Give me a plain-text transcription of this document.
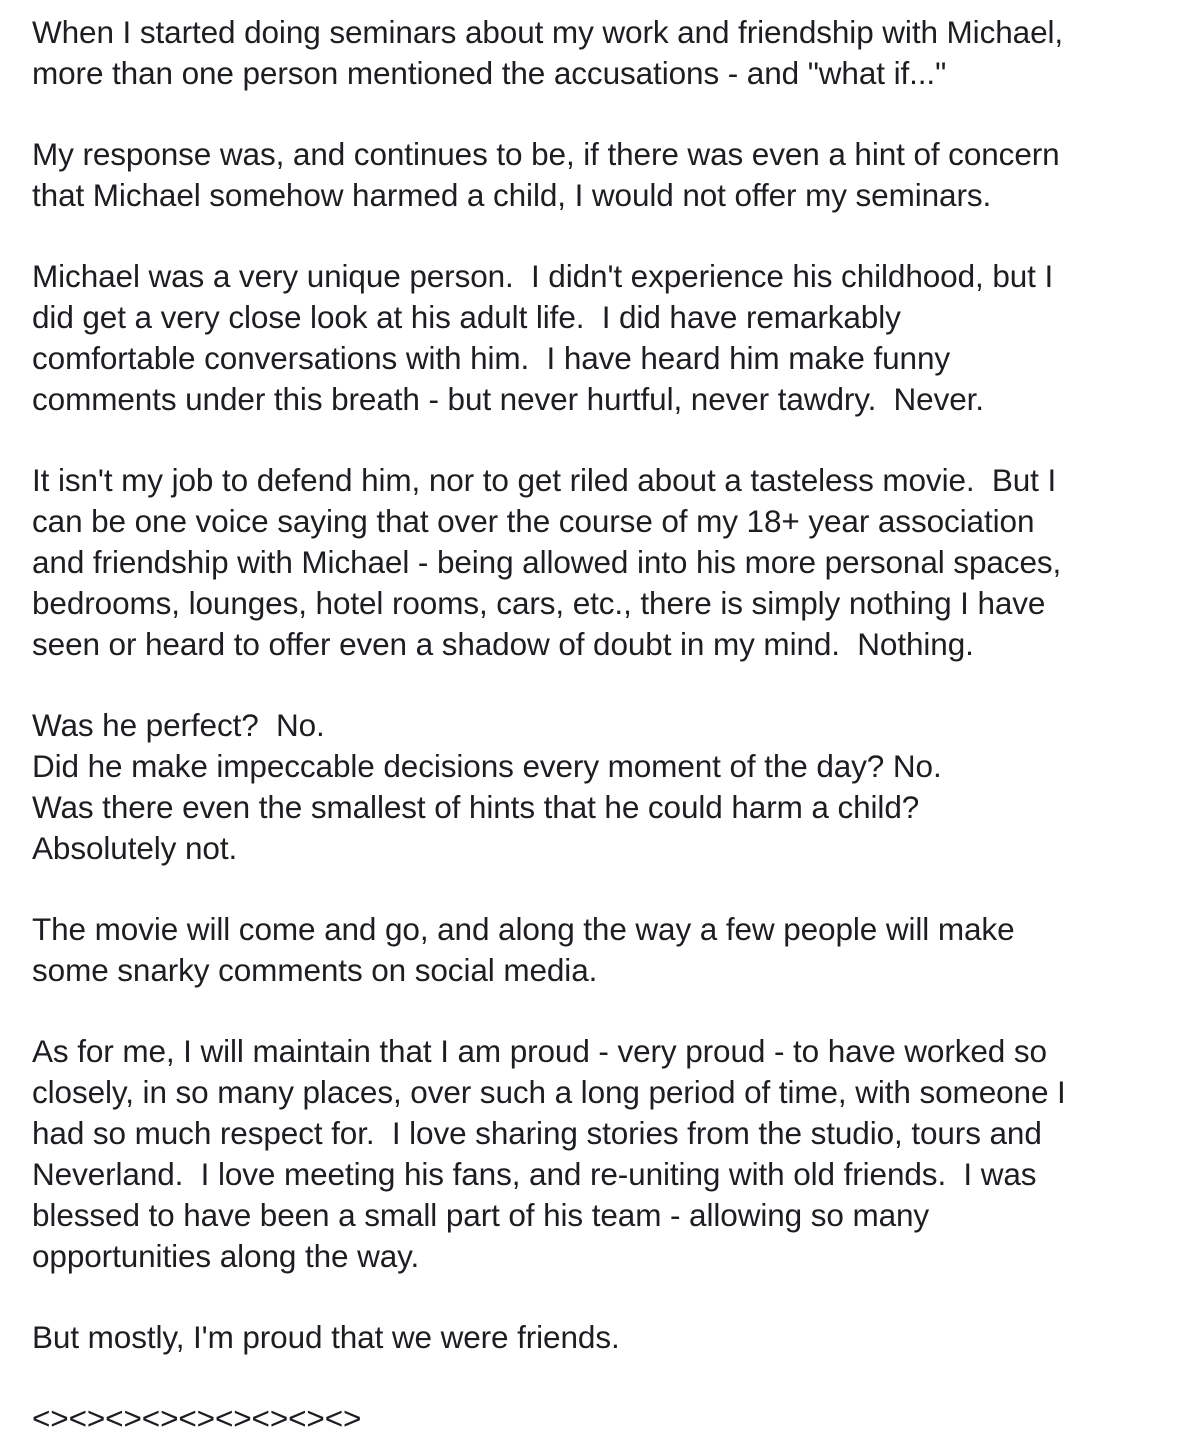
When I started doing seminars about my work and friendship with Michael,
more than one person mentioned the accusations - and "what if..."
My response was, and continues to be, if there was even a hint of concern
that Michael somehow harmed a child, I would not offer my seminars.
Michael was a very unique person.  I didn't experience his childhood, but I
did get a very close look at his adult life.  I did have remarkably
comfortable conversations with him.  I have heard him make funny
comments under this breath - but never hurtful, never tawdry.  Never.
It isn't my job to defend him, nor to get riled about a tasteless movie.  But I
can be one voice saying that over the course of my 18+ year association
and friendship with Michael - being allowed into his more personal spaces,
bedrooms, lounges, hotel rooms, cars, etc., there is simply nothing I have
seen or heard to offer even a shadow of doubt in my mind.  Nothing.
Was he perfect?  No.
Did he make impeccable decisions every moment of the day? No.
Was there even the smallest of hints that he could harm a child?
Absolutely not.
The movie will come and go, and along the way a few people will make
some snarky comments on social media.
As for me, I will maintain that I am proud - very proud - to have worked so
closely, in so many places, over such a long period of time, with someone I
had so much respect for.  I love sharing stories from the studio, tours and
Neverland.  I love meeting his fans, and re-uniting with old friends.  I was
blessed to have been a small part of his team - allowing so many
opportunities along the way.
But mostly, I'm proud that we were friends.
<><><><><><><><><>
